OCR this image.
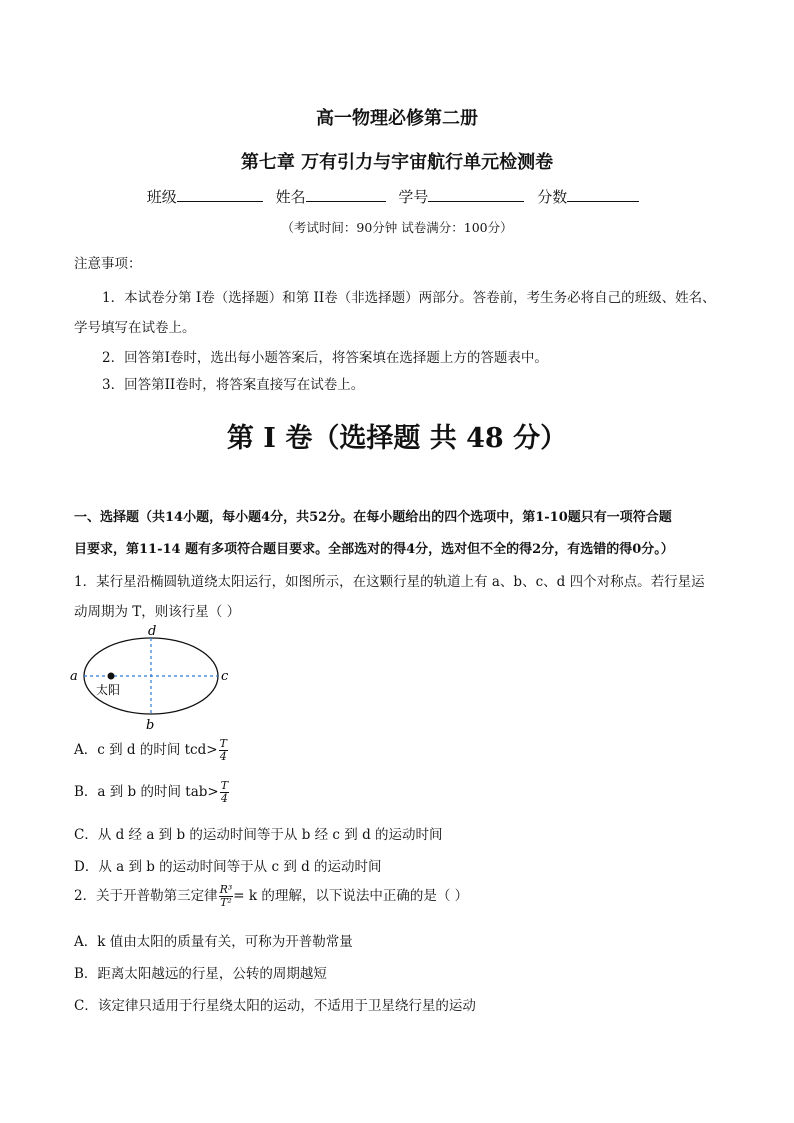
高一物理必修第二册
第七章 万有引力与宇宙航行单元检测卷
班级	姓名	学号	分数
（考试时间：90分钟 试卷满分：100分）
注意事项：
1．本试卷分第 I卷（选择题）和第 II卷（非选择题）两部分。答卷前，考生务必将自己的班级、姓名、
学号填写在试卷上。
2．回答第I卷时，选出每小题答案后，将答案填在选择题上方的答题表中。
3．回答第II卷时，将答案直接写在试卷上。
第 I 卷（选择题 共 48 分）
一、选择题（共14小题，每小题4分，共52分。在每小题给出的四个选项中，第1-10题只有一项符合题
目要求，第11-14 题有多项符合题目要求。全部选对的得4分，选对但不全的得2分，有选错的得0分。）
1．某行星沿椭圆轨道绕太阳运行，如图所示，在这颗行星的轨道上有 a、b、c、d 四个对称点。若行星运
动周期为 T，则该行星（ ）
a	c
d
b
太阳
A．c 到 d 的时间 $tcd> \frac{T}{4}$
B．a 到 b 的时间 $tab> \frac{T}{4}$
C．从 d 经 a 到 b 的运动时间等于从 b 经 c 到 d 的运动时间
D．从 a 到 b 的运动时间等于从 c 到 d 的运动时间
2．关于开普勒第三定律 $\frac{\text{R³}}{\text{T²}} = k$ 的理解，以下说法中正确的是（ ）
A．k 值由太阳的质量有关，可称为开普勒常量
B．距离太阳越远的行星，公转的周期越短
C．该定律只适用于行星绕太阳的运动，不适用于卫星绕行星的运动
